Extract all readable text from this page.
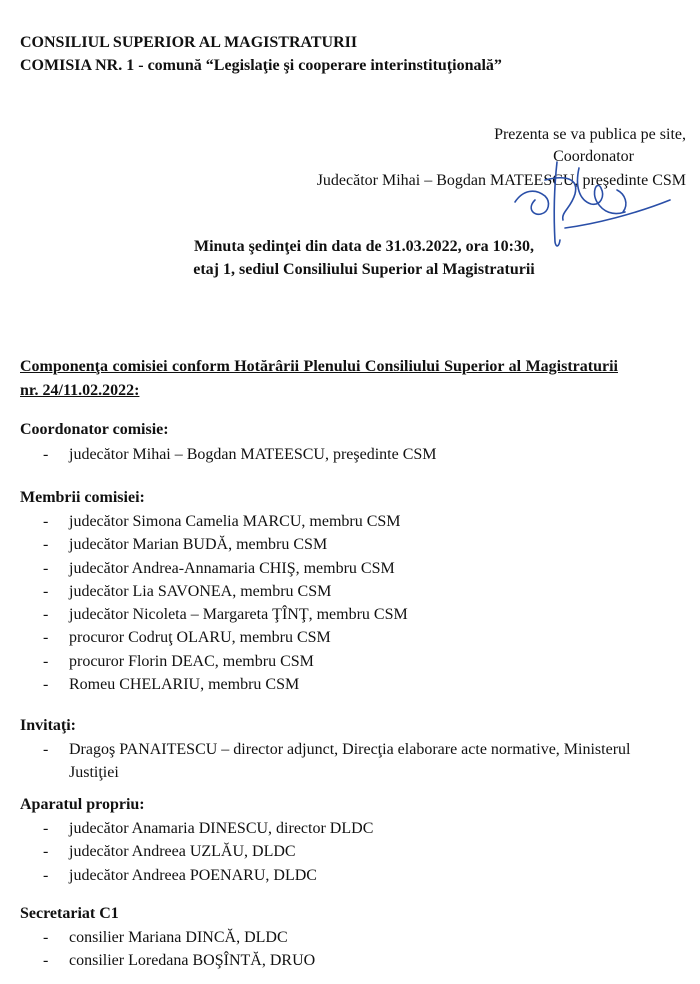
CONSILIUL SUPERIOR AL MAGISTRATURII
COMISIA NR. 1 - comună “Legislaţie şi cooperare interinstituţională”
Prezenta se va publica pe site,
Coordonator
Judecător Mihai – Bogdan MATEESCU, preşedinte CSM
Minuta şedinţei din data de 31.03.2022, ora 10:30,
etaj 1, sediul Consiliului Superior al Magistraturii
Componenţa comisiei conform Hotărârii Plenului Consiliului Superior al Magistraturii nr. 24/11.02.2022:
Coordonator comisie:
- judecător Mihai – Bogdan MATEESCU, preşedinte CSM
Membrii comisiei:
- judecător Simona Camelia MARCU, membru CSM
- judecător Marian BUDĂ, membru CSM
- judecător Andrea-Annamaria CHIŞ, membru CSM
- judecător Lia SAVONEA, membru CSM
- judecător Nicoleta – Margareta ŢÎNŢ, membru CSM
- procuror Codruţ OLARU, membru CSM
- procuror Florin DEAC, membru CSM
- Romeu CHELARIU, membru CSM
Invitaţi:
- Dragoş PANAITESCU – director adjunct, Direcţia elaborare acte normative, Ministerul Justiţiei
Aparatul propriu:
- judecător Anamaria DINESCU, director DLDC
- judecător Andreea UZLĂU, DLDC
- judecător Andreea POENARU, DLDC
Secretariat C1
- consilier Mariana DINCĂ, DLDC
- consilier Loredana BOŞÎNTĂ, DRUO
